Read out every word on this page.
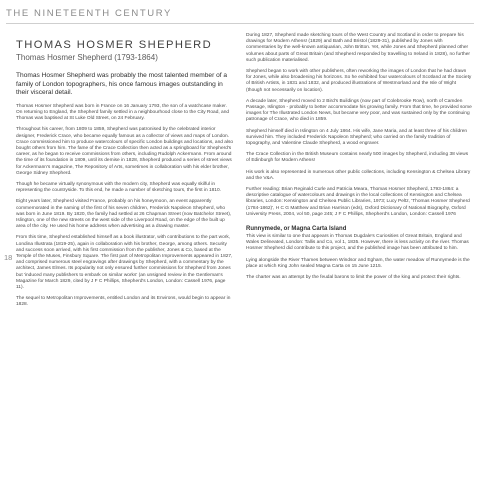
THE NINETEENTH CENTURY
18
THOMAS HOSMER SHEPHERD
Thomas Hosmer Shepherd (1793-1864)
Thomas Hosmer Shepherd was probably the most talented member of a family of London topographers, his once famous images outstanding in their visceral detail.

Thomas Hosmer Shepherd was born in France on 16 January 1793, the son of a watchcase maker. On returning to England, the Shepherd family settled in a neighbourhood close to the City Road, and Thomas was baptised at St Luke Old Street, on 24 February.

Throughout his career, from 1809 to 1859, Shepherd was patronised by the celebrated interior designer, Frederick Crace, who became equally famous as a collector of views and maps of London. Crace commissioned him to produce watercolours of specific London buildings and locations, and also bought others from him. The fame of the Crace Collection then acted as a springboard for Shepherd's career, as he began to receive commissions from others, including Rudolph Ackermann. From around the time of its foundation in 1809, until its demise in 1828, Shepherd produced a series of street views for Ackermann's magazine, The Repository of Arts, sometimes in collaboration with his elder brother, George Sidney Shepherd.

Though he became virtually synonymous with the modern city, Shepherd was equally skilful in representing the countryside. To this end, he made a number of sketching tours, the first in 1810.

Eight years later, Shepherd visited France, probably on his honeymoon, an event apparently commemorated in the naming of the first of his seven children, Frederick Napoleon Shepherd, who was born in June 1819. By 1820, the family had settled at 26 Chapman Street (now Batchelor Street), Islington, one of the new streets on the west side of the Liverpool Road, on the edge of the built up area of the city. He used his home address when advertising as a drawing master.

From this time, Shepherd established himself as a book illustrator, with contributions to the part work, Londina Illustrata (1819-25), again in collaboration with his brother, George, among others. Security and success soon arrived, with his first commission from the publisher, Jones & Co, based at the Temple of the Muses, Finsbury Square. The first part of Metropolitan Improvements appeared in 1827, and comprised numerous steel engravings after drawings by Shepherd, with a commentary by the architect, James Elmes. Its popularity not only ensured further commissions for Shepherd from Jones but 'induced many publishers to embark on similar works' (an unsigned review in the Gentleman's Magazine for March 1829, cited by J F C Phillips, Shepherd's London, London: Cassell 1976, page 11).

The sequel to Metropolitan Improvements, entitled London and its Environs, would begin to appear in 1828.

During 1827, Shepherd made sketching tours of the West Country and Scotland in order to prepare his drawings for Modern Athens! (1829) and Bath and Bristol (1829-31), published by Jones with commentaries by the well-known antiquarian, John Britton. Yet, while Jones and Shepherd planned other volumes about parts of Great Britain (and Shepherd responded by travelling to Ireland in 1828), no further such publication materialised.

Shepherd began to work with other publishers, often reworking the images of London that he had drawn for Jones, while also broadening his horizons. So he exhibited four watercolours of Scotland at the Society of British Artists, in 1831 and 1832, and produced illustrations of Westmorland and the Isle of Wight (though not necessarily on location).

A decade later, Shepherd moved to 2 Bird's Buildings (now part of Colebrooke Row), north of Camden Passage, Islington - probably to better accommodate his growing family. From that time, he provided some images for The Illustrated London News, but became very poor, and was sustained only by the continuing patronage of Crace, who died in 1859.

Shepherd himself died in Islington on 4 July 1864. His wife, Jane Maria, and at least three of his children survived him. They included Frederick Napoleon Shepherd; who carried on the family tradition of topography, and Valentine Claude Shepherd, a wood engraver.

The Crace Collection in the British Museum contains nearly 500 images by Shepherd, including 38 views of Edinburgh for Modern Athens!

His work is also represented in numerous other public collections, including Kensington & Chelsea Library and the V&A.

Further reading: Brian Reginald Curle and Patricia Meara, Thomas Hosmer Shepherd, 1793-1864: a descriptive catalogue of watercolours and drawings in the local collections of Kensington and Chelsea libraries, London: Kensington and Chelsea Public Libraries, 1973; Lucy Peltz, 'Thomas Hosmer Shepherd (1784-1862)', H C G Matthew and Brian Harrison (eds), Oxford Dictionary of National Biography, Oxford University Press, 2004, vol 50, page 245; J F C Phillips, Shepherd's London, London: Cassell 1976

Runnymede, or Magna Carta Island

This view is similar to one that appears in Thomas Dugdale's Curiosities of Great Britain, England and Wales Delineated, London: Tallis and Co, vol 1, 1835. However, there is less activity on the river. Thomas Hosmer Shepherd did contribute to this project, and the published image has been attributed to him.

Lying alongside the River Thames between Windsor and Egham, the water meadow of Runnymede is the place at which King John sealed Magna Carta on 15 June 1215.

The charter was an attempt by the feudal barons to limit the power of the king and protect their rights.
